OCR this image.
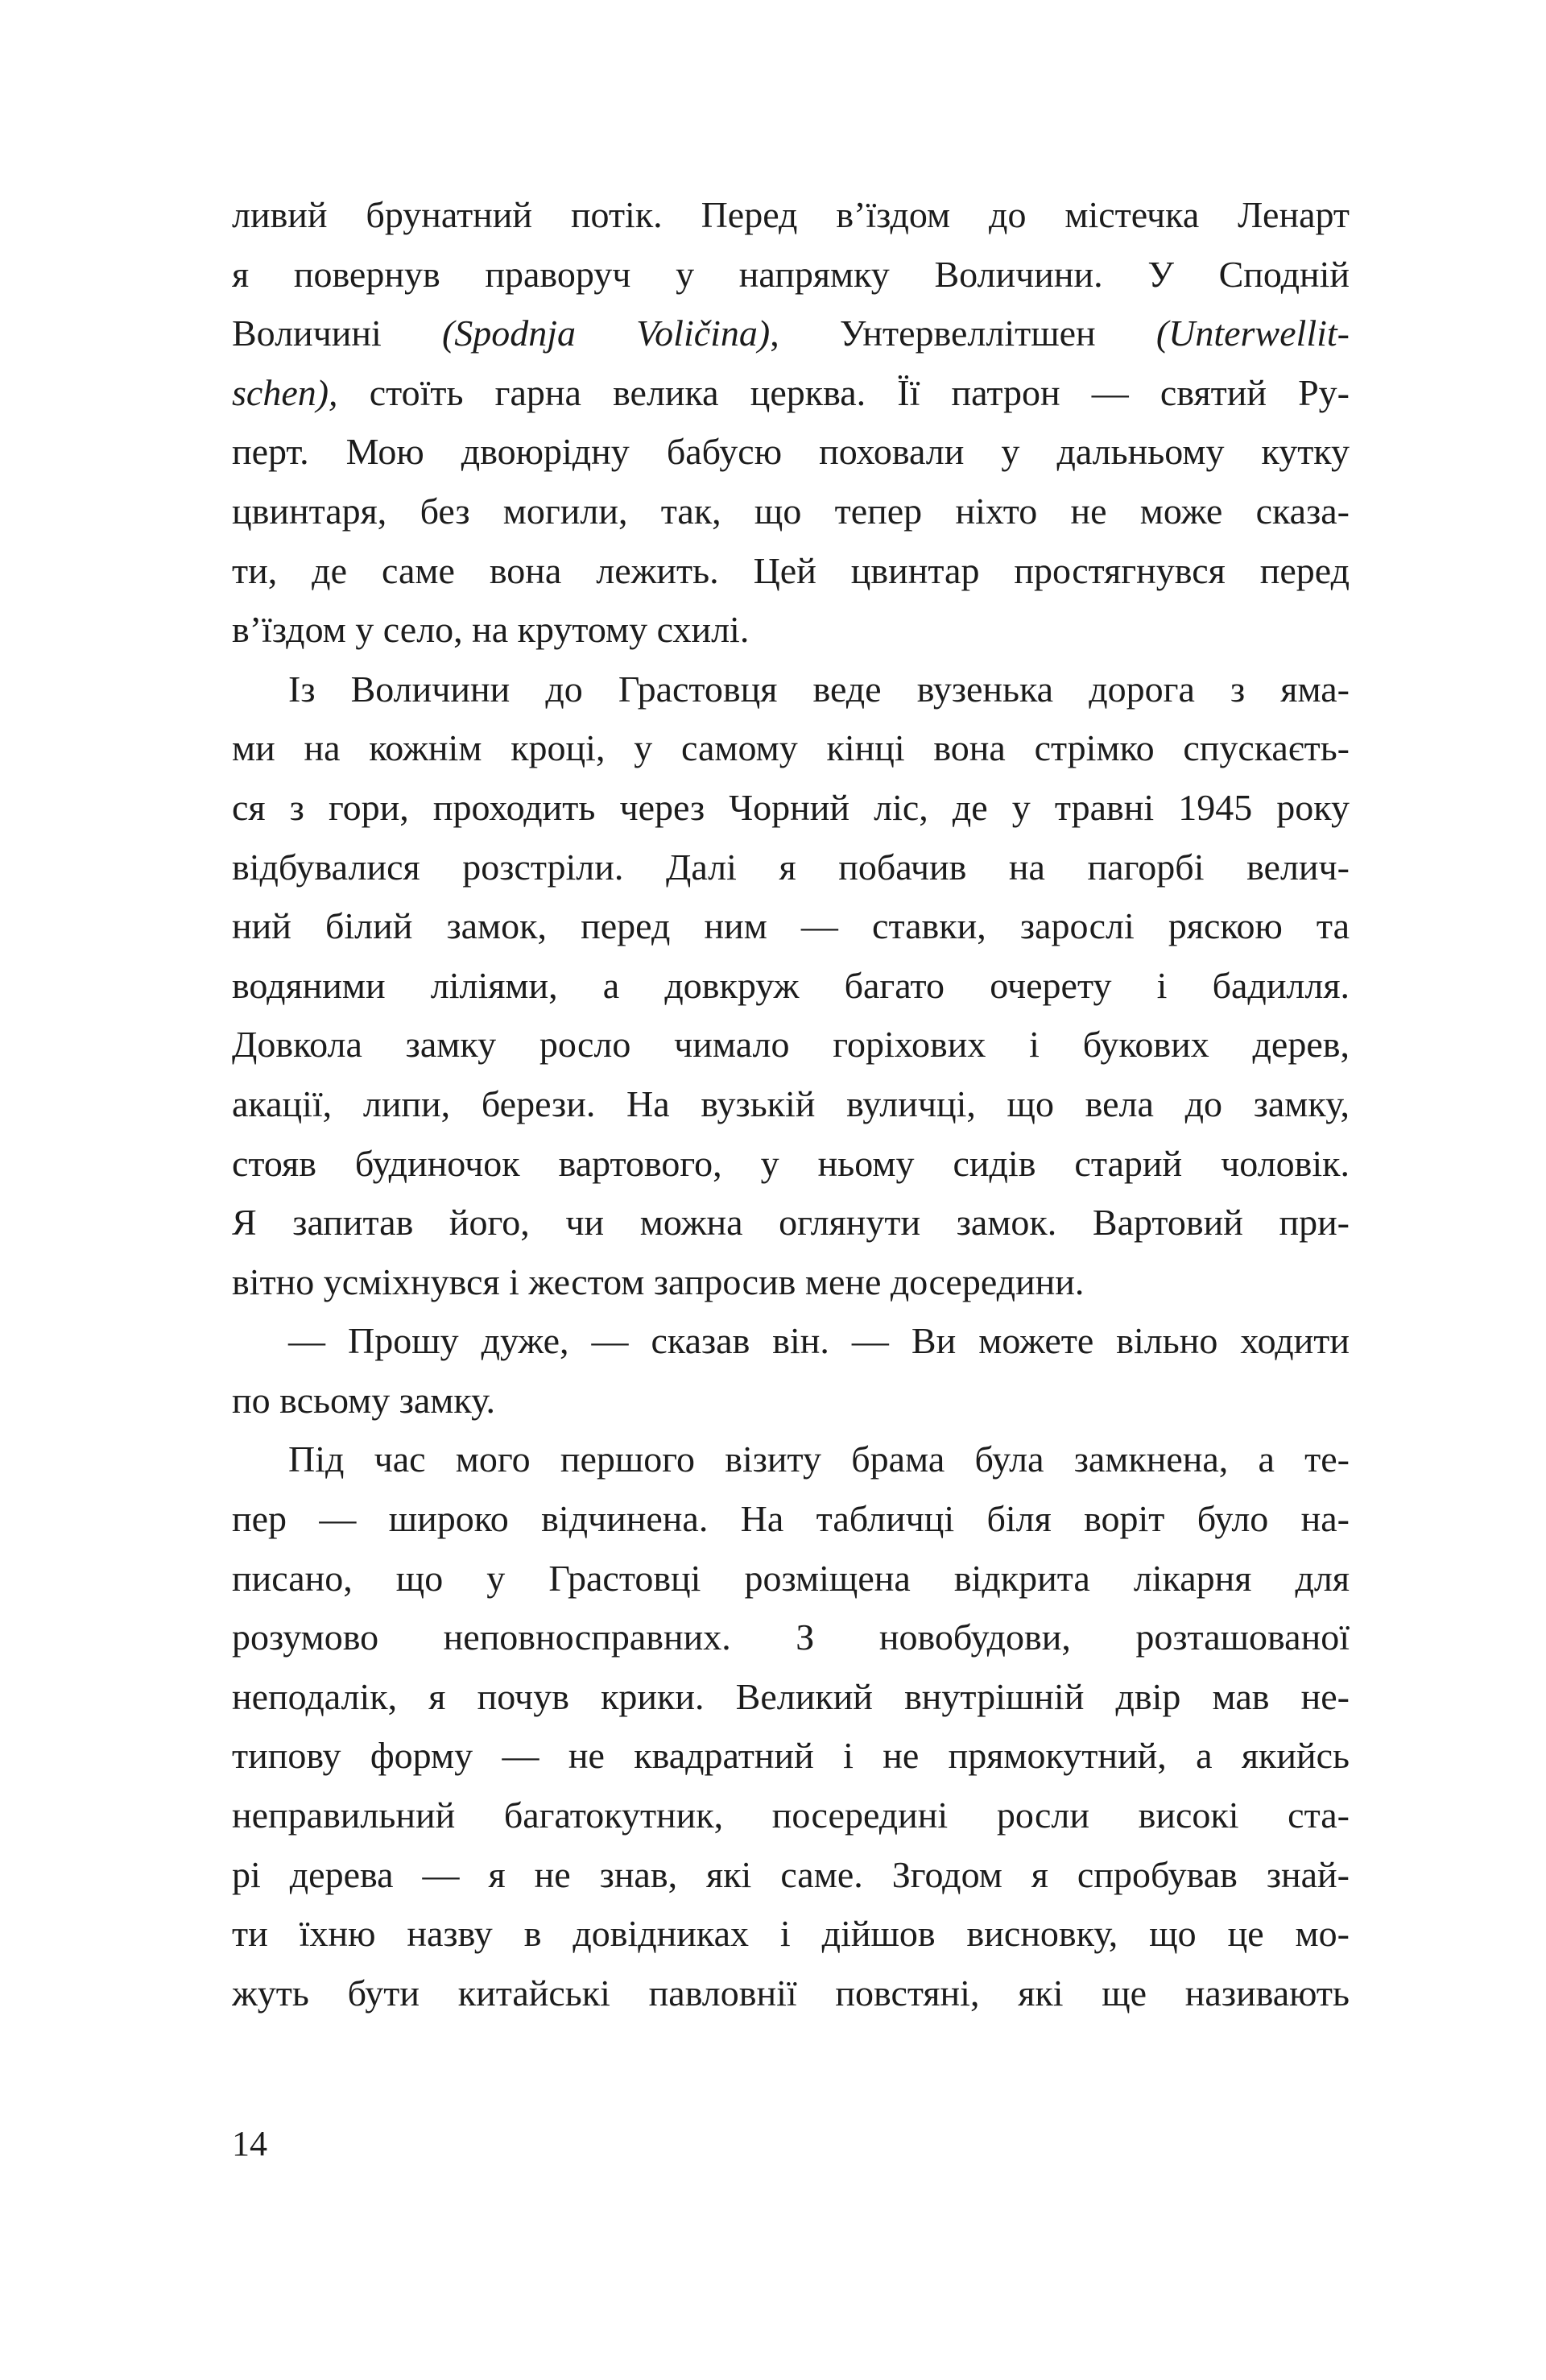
ливий брунатний потік. Перед в’їздом до містечка Ленарт
я повернув праворуч у напрямку Воличини. У Сподній
Воличині (Spodnja Voličina), Унтервеллітшен (Unterwellit-
schen), стоїть гарна велика церква. Її патрон — святий Ру-
перт. Мою двоюрідну бабусю поховали у дальньому кутку
цвинтаря, без могили, так, що тепер ніхто не може сказа-
ти, де саме вона лежить. Цей цвинтар простягнувся перед
в’їздом у село, на крутому схилі.
Із Воличини до Грастовця веде вузенька дорога з яма-
ми на кожнім кроці, у самому кінці вона стрімко спускаєть-
ся з гори, проходить через Чорний ліс, де у травні 1945 року
відбувалися розстріли. Далі я побачив на пагорбі велич-
ний білий замок, перед ним — ставки, зарослі ряскою та
водяними ліліями, а довкруж багато очерету і бадилля.
Довкола замку росло чимало горіхових і букових дерев,
акації, липи, берези. На вузькій вуличці, що вела до замку,
стояв будиночок вартового, у ньому сидів старий чоловік.
Я запитав його, чи можна оглянути замок. Вартовий при-
вітно усміхнувся і жестом запросив мене досередини.
— Прошу дуже, — сказав він. — Ви можете вільно ходити
по всьому замку.
Під час мого першого візиту брама була замкнена, а те-
пер — широко відчинена. На табличці біля воріт було на-
писано, що у Грастовці розміщена відкрита лікарня для
розумово неповносправних. З новобудови, розташованої
неподалік, я почув крики. Великий внутрішній двір мав не-
типову форму — не квадратний і не прямокутний, а якийсь
неправильний багатокутник, посередині росли високі ста-
рі дерева — я не знав, які саме. Згодом я спробував знай-
ти їхню назву в довідниках і дійшов висновку, що це мо-
жуть бути китайські павловнії повстяні, які ще називають
14
